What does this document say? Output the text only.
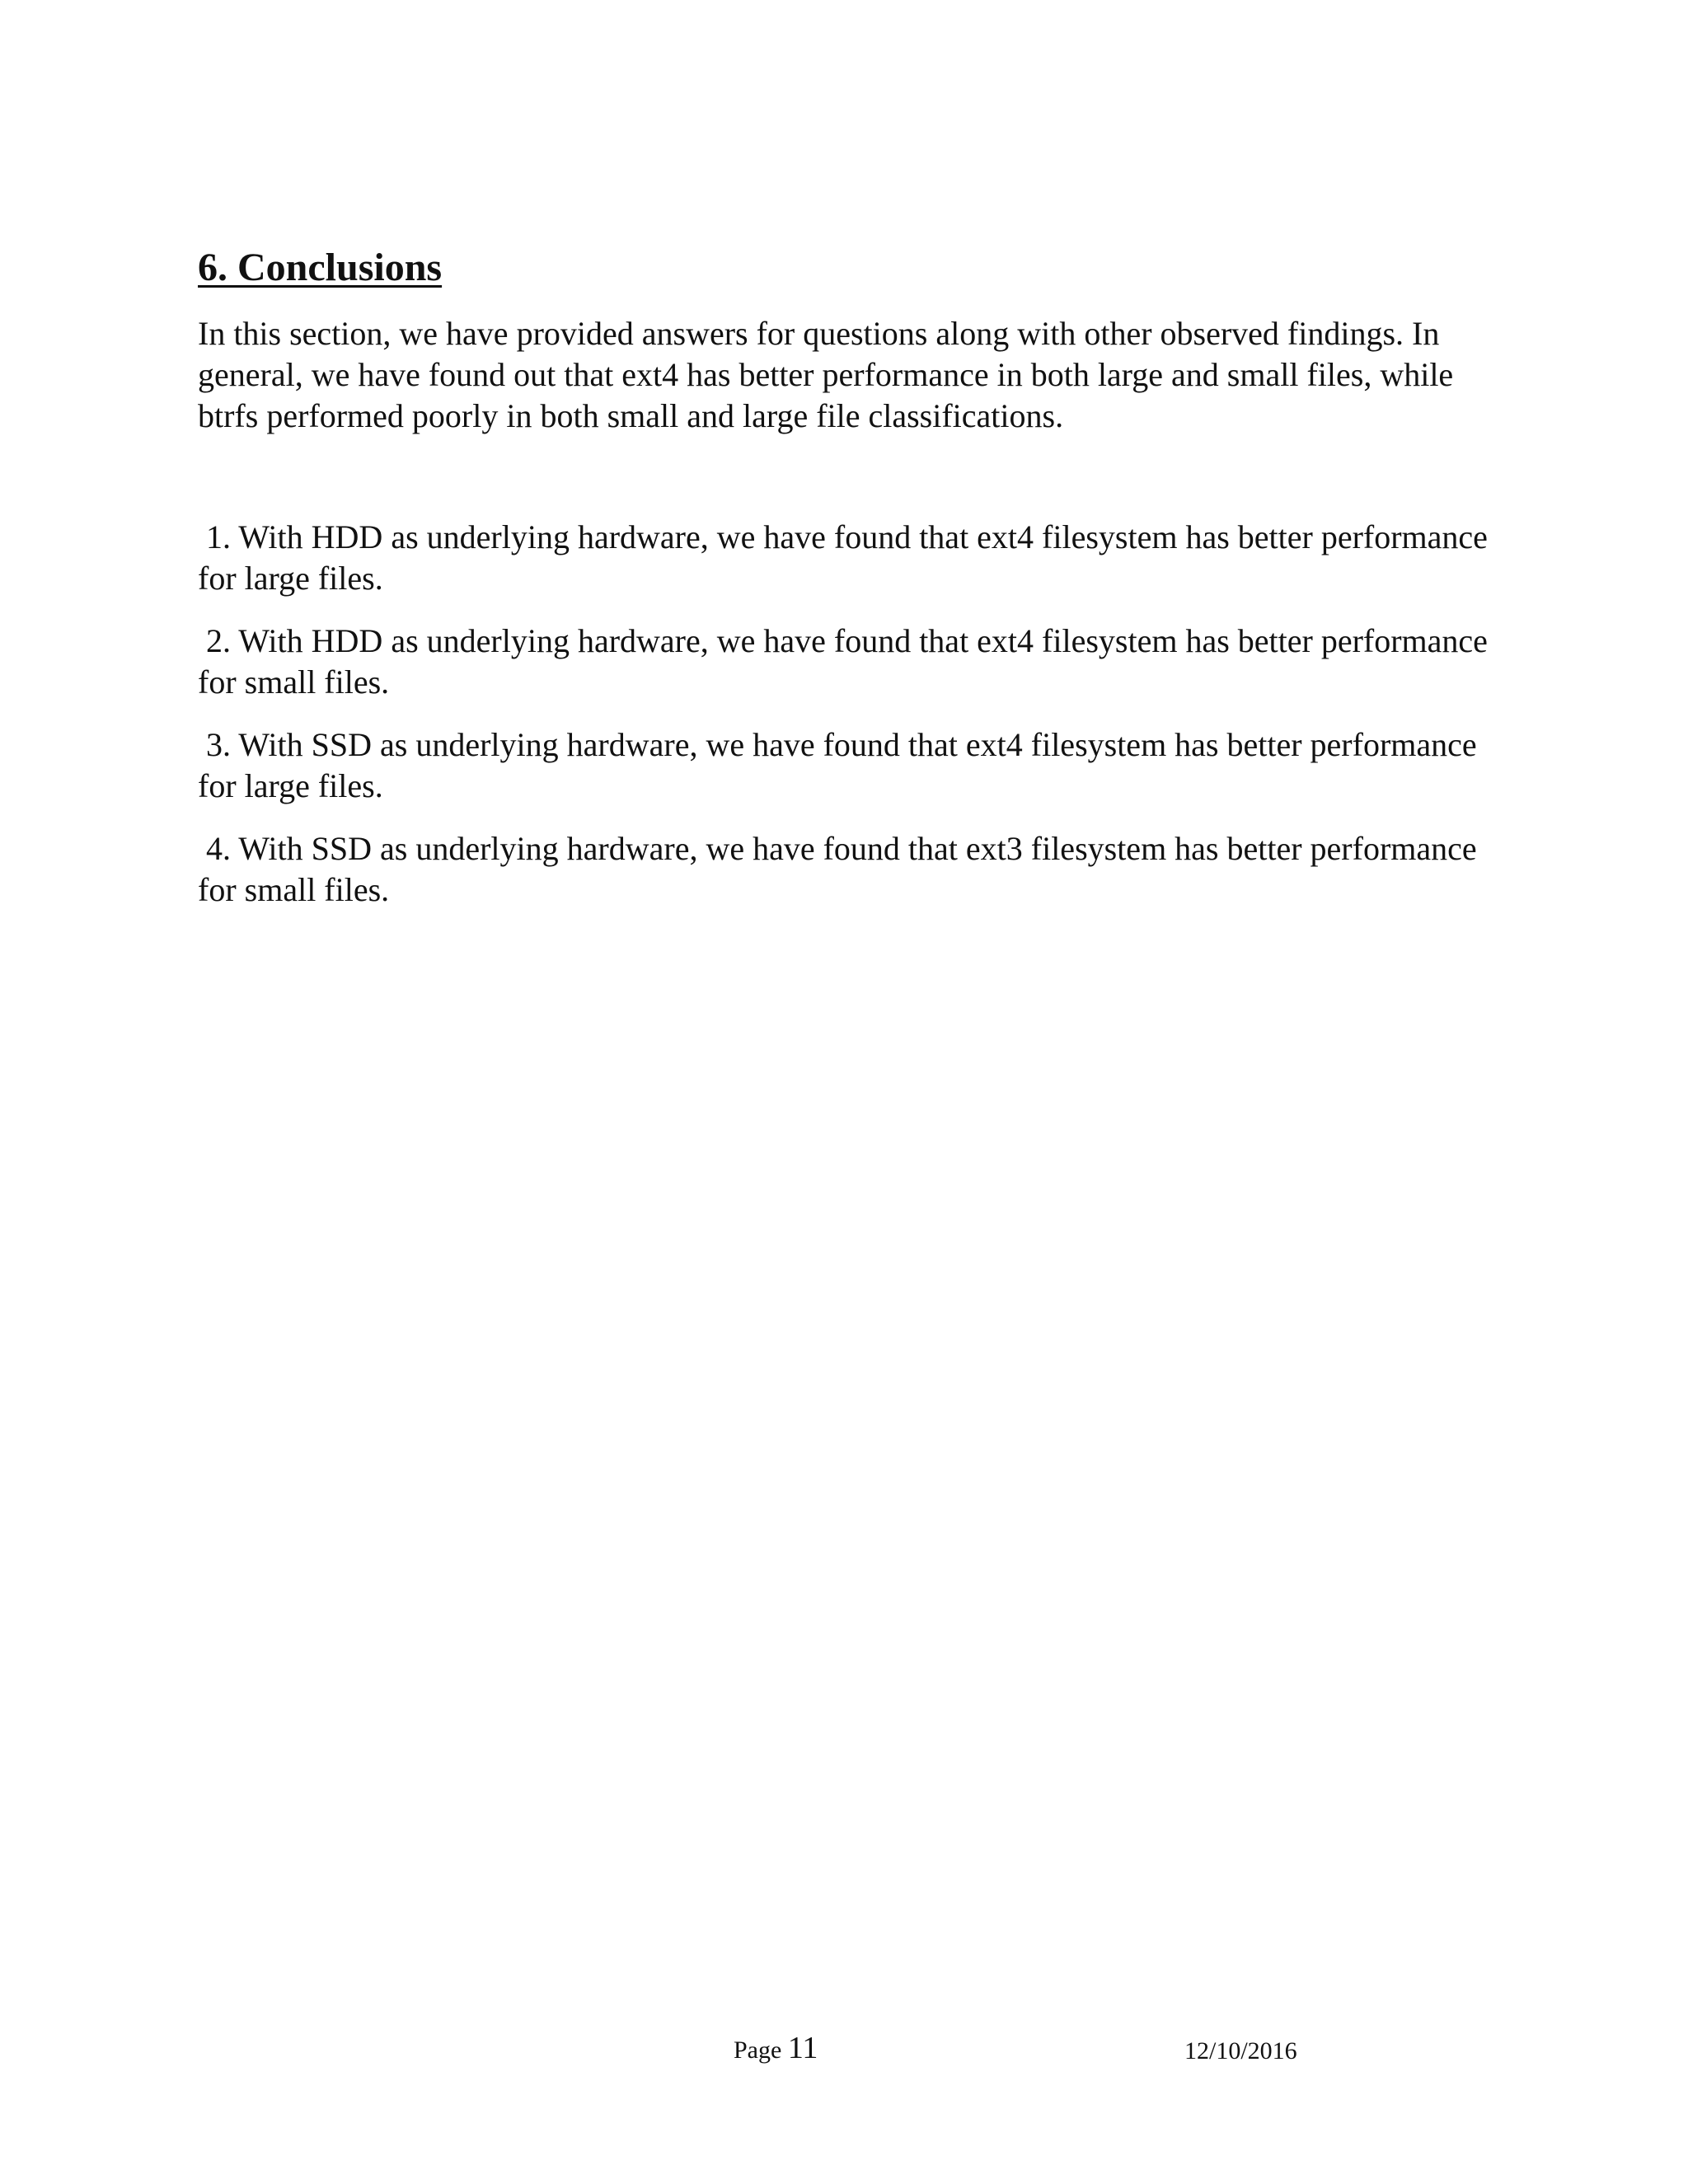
6. Conclusions

In this section, we have provided answers for questions along with other observed findings. In general, we have found out that ext4 has better performance in both large and small files, while btrfs performed poorly in both small and large file classifications.

1. With HDD as underlying hardware, we have found that ext4 filesystem has better performance for large files.
2. With HDD as underlying hardware, we have found that ext4 filesystem has better performance for small files.
3. With SSD as underlying hardware, we have found that ext4 filesystem has better performance for large files.
4. With SSD as underlying hardware, we have found that ext3 filesystem has better performance for small files.
Page 11	12/10/2016
